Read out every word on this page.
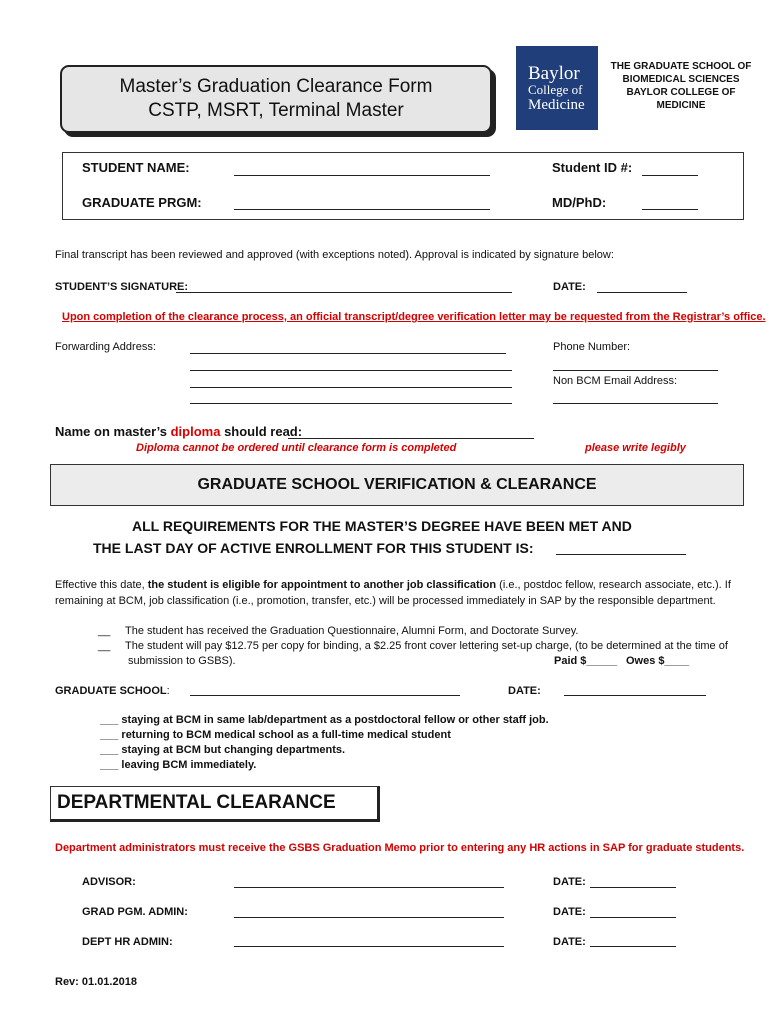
Master’s Graduation Clearance Form
CSTP, MSRT, Terminal Master
Baylor
College of
Medicine
THE GRADUATE SCHOOL OF
BIOMEDICAL SCIENCES
BAYLOR COLLEGE OF
MEDICINE
STUDENT NAME:	Student ID #:
GRADUATE PRGM:	MD/PhD:
Final transcript has been reviewed and approved (with exceptions noted). Approval is indicated by signature below:
STUDENT’S SIGNATURE:	DATE:
Upon completion of the clearance process, an official transcript/degree verification letter may be requested from the Registrar’s office.
Forwarding Address:	Phone Number:
Non BCM Email Address:
Name on master’s diploma should read:
Diploma cannot be ordered until clearance form is completed	please write legibly
GRADUATE SCHOOL VERIFICATION & CLEARANCE
ALL REQUIREMENTS FOR THE MASTER’S DEGREE HAVE BEEN MET AND
THE LAST DAY OF ACTIVE ENROLLMENT FOR THIS STUDENT IS:
Effective this date, the student is eligible for appointment to another job classification (i.e., postdoc fellow, research associate, etc.). If
remaining at BCM, job classification (i.e., promotion, transfer, etc.) will be processed immediately in SAP by the responsible department.
__ The student has received the Graduation Questionnaire, Alumni Form, and Doctorate Survey.
__ The student will pay $12.75 per copy for binding, a $2.25 front cover lettering set-up charge, (to be determined at the time of
submission to GSBS).	Paid $_____ Owes $____
GRADUATE SCHOOL:	DATE:
___ staying at BCM in same lab/department as a postdoctoral fellow or other staff job.
___ returning to BCM medical school as a full-time medical student
___ staying at BCM but changing departments.
___ leaving BCM immediately.
DEPARTMENTAL CLEARANCE
Department administrators must receive the GSBS Graduation Memo prior to entering any HR actions in SAP for graduate students.
ADVISOR:	DATE:
GRAD PGM. ADMIN:	DATE:
DEPT HR ADMIN:	DATE:
Rev: 01.01.2018
